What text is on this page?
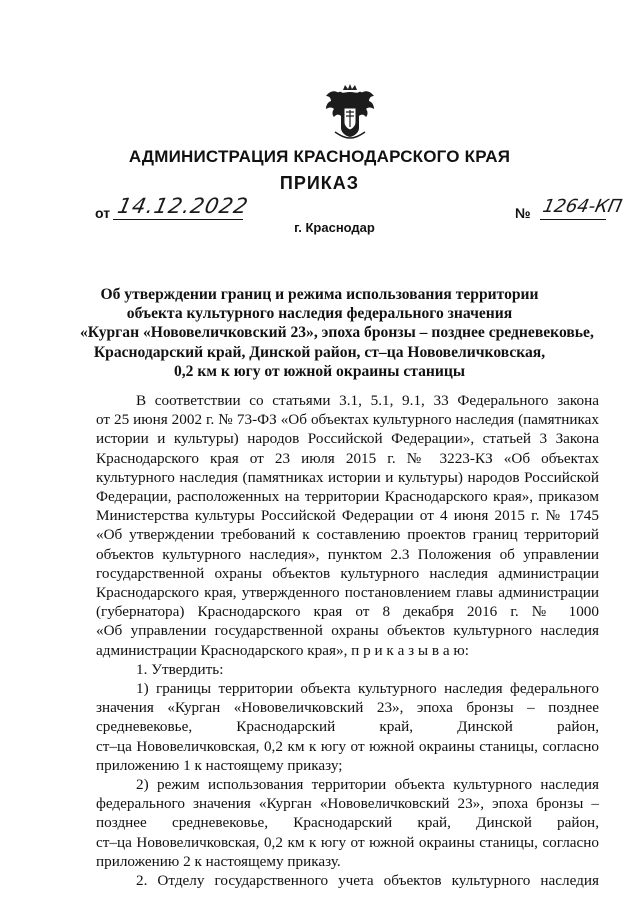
АДМИНИСТРАЦИЯ КРАСНОДАРСКОГО КРАЯ
ПРИКАЗ
от 14.12.2022	№ 1264-КП
г. Краснодар
Об утверждении границ и режима использования территории
объекта культурного наследия федерального значения
«Курган «Нововеличковский 23», эпоха бронзы – позднее средневековье,
Краснодарский край, Динской район, ст–ца Нововеличковская,
0,2 км к югу от южной окраины станицы
В соответствии со статьями 3.1, 5.1, 9.1, 33 Федерального закона
от 25 июня 2002 г. № 73-ФЗ «Об объектах культурного наследия (памятниках
истории и культуры) народов Российской Федерации», статьей 3 Закона
Краснодарского края от 23 июля 2015 г. № 3223-КЗ «Об объектах
культурного наследия (памятниках истории и культуры) народов Российской
Федерации, расположенных на территории Краснодарского края», приказом
Министерства культуры Российской Федерации от 4 июня 2015 г. № 1745
«Об утверждении требований к составлению проектов границ территорий
объектов культурного наследия», пунктом 2.3 Положения об управлении
государственной охраны объектов культурного наследия администрации
Краснодарского края, утвержденного постановлением главы администрации
(губернатора) Краснодарского края от 8 декабря 2016 г. № 1000
«Об управлении государственной охраны объектов культурного наследия
администрации Краснодарского края», п р и к а з ы в а ю:
1. Утвердить:
1) границы территории объекта культурного наследия федерального
значения «Курган «Нововеличковский 23», эпоха бронзы – позднее
средневековье, Краснодарский край, Динской район,
ст–ца Нововеличковская, 0,2 км к югу от южной окраины станицы, согласно
приложению 1 к настоящему приказу;
2) режим использования территории объекта культурного наследия
федерального значения «Курган «Нововеличковский 23», эпоха бронзы –
позднее средневековье, Краснодарский край, Динской район,
ст–ца Нововеличковская, 0,2 км к югу от южной окраины станицы, согласно
приложению 2 к настоящему приказу.
2. Отделу государственного учета объектов культурного наследия
